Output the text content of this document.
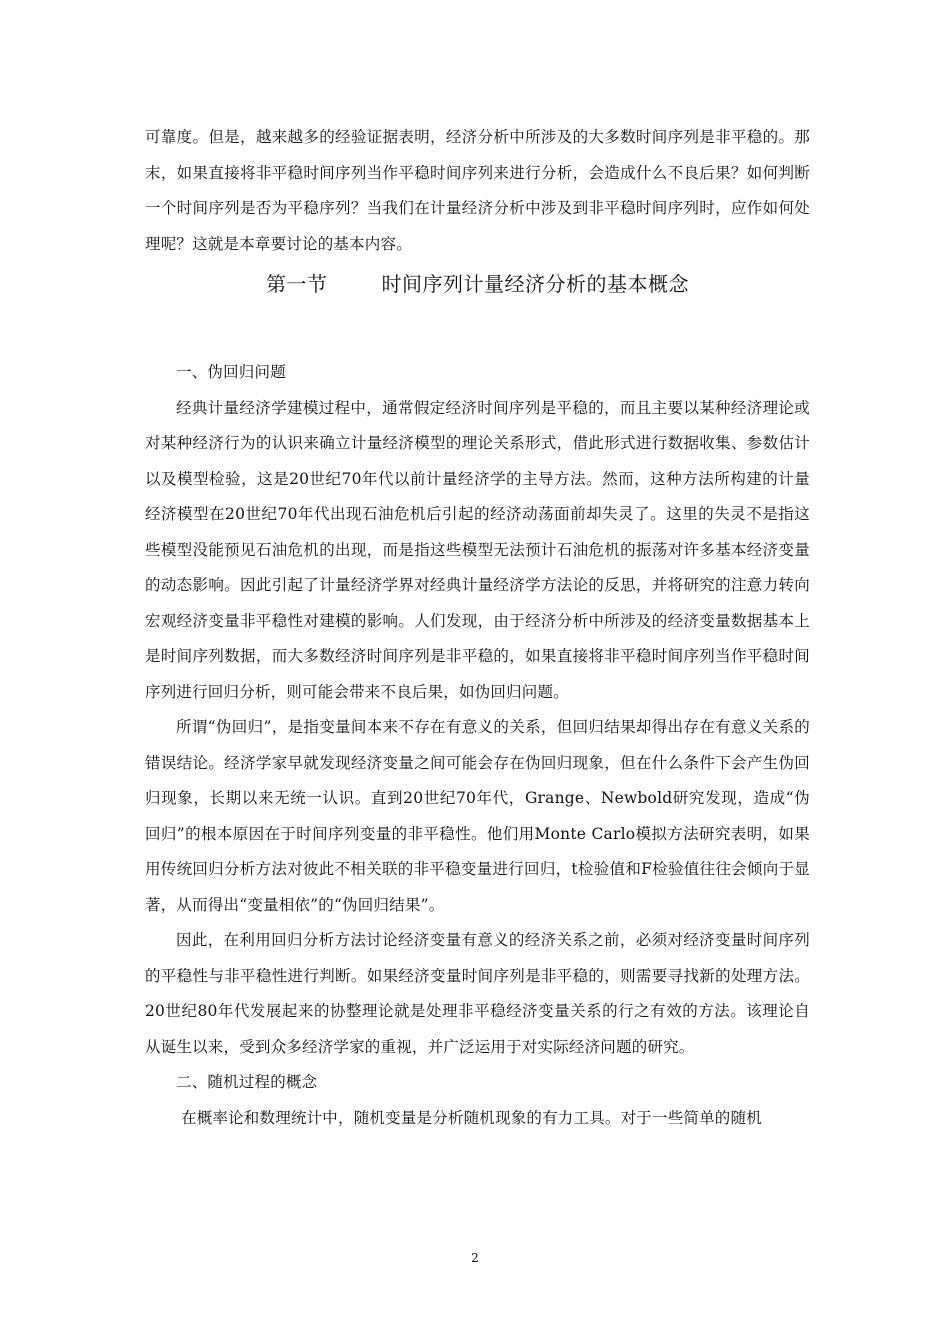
可靠度。但是，越来越多的经验证据表明，经济分析中所涉及的大多数时间序列是非平稳的。那末，如果直接将非平稳时间序列当作平稳时间序列来进行分析，会造成什么不良后果？如何判断一个时间序列是否为平稳序列？当我们在计量经济分析中涉及到非平稳时间序列时，应作如何处理呢？这就是本章要讨论的基本内容。

第一节	时间序列计量经济分析的基本概念

一、伪回归问题

经典计量经济学建模过程中，通常假定经济时间序列是平稳的，而且主要以某种经济理论或对某种经济行为的认识来确立计量经济模型的理论关系形式，借此形式进行数据收集、参数估计以及模型检验，这是20世纪70年代以前计量经济学的主导方法。然而，这种方法所构建的计量经济模型在20世纪70年代出现石油危机后引起的经济动荡面前却失灵了。这里的失灵不是指这些模型没能预见石油危机的出现，而是指这些模型无法预计石油危机的振荡对许多基本经济变量的动态影响。因此引起了计量经济学界对经典计量经济学方法论的反思，并将研究的注意力转向宏观经济变量非平稳性对建模的影响。人们发现，由于经济分析中所涉及的经济变量数据基本上是时间序列数据，而大多数经济时间序列是非平稳的，如果直接将非平稳时间序列当作平稳时间序列进行回归分析，则可能会带来不良后果，如伪回归问题。

所谓“伪回归”，是指变量间本来不存在有意义的关系，但回归结果却得出存在有意义关系的错误结论。经济学家早就发现经济变量之间可能会存在伪回归现象，但在什么条件下会产生伪回归现象，长期以来无统一认识。直到20世纪70年代，Grange、Newbold研究发现，造成“伪回归”的根本原因在于时间序列变量的非平稳性。他们用Monte Carlo模拟方法研究表明，如果用传统回归分析方法对彼此不相关联的非平稳变量进行回归，t检验值和F检验值往往会倾向于显著，从而得出“变量相依”的“伪回归结果”。

因此，在利用回归分析方法讨论经济变量有意义的经济关系之前，必须对经济变量时间序列的平稳性与非平稳性进行判断。如果经济变量时间序列是非平稳的，则需要寻找新的处理方法。20世纪80年代发展起来的协整理论就是处理非平稳经济变量关系的行之有效的方法。该理论自从诞生以来，受到众多经济学家的重视，并广泛运用于对实际经济问题的研究。

二、随机过程的概念

在概率论和数理统计中，随机变量是分析随机现象的有力工具。对于一些简单的随机

2
